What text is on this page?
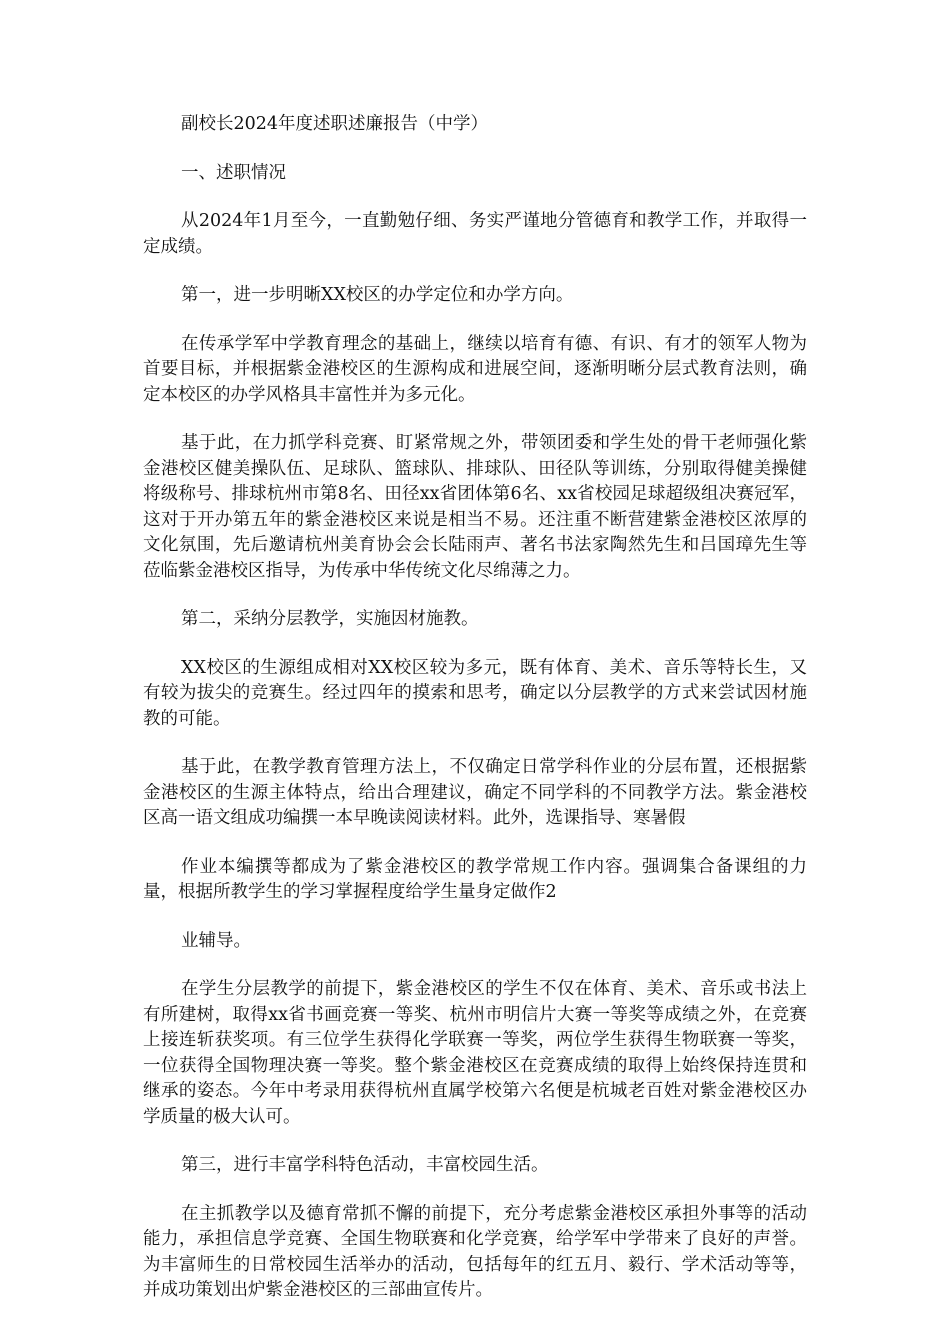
副校长2024年度述职述廉报告（中学）

一、述职情况

从2024年1月至今，一直勤勉仔细、务实严谨地分管德育和教学工作，并取得一定成绩。

第一，进一步明晰XX校区的办学定位和办学方向。

在传承学军中学教育理念的基础上，继续以培育有德、有识、有才的领军人物为首要目标，并根据紫金港校区的生源构成和进展空间，逐渐明晰分层式教育法则，确定本校区的办学风格具丰富性并为多元化。

基于此，在力抓学科竞赛、盯紧常规之外，带领团委和学生处的骨干老师强化紫金港校区健美操队伍、足球队、篮球队、排球队、田径队等训练，分别取得健美操健将级称号、排球杭州市第8名、田径xx省团体第6名、xx省校园足球超级组决赛冠军，这对于开办第五年的紫金港校区来说是相当不易。还注重不断营建紫金港校区浓厚的文化氛围，先后邀请杭州美育协会会长陆雨声、著名书法家陶然先生和吕国璋先生等莅临紫金港校区指导，为传承中华传统文化尽绵薄之力。

第二，采纳分层教学，实施因材施教。

XX校区的生源组成相对XX校区较为多元，既有体育、美术、音乐等特长生，又有较为拔尖的竞赛生。经过四年的摸索和思考，确定以分层教学的方式来尝试因材施教的可能。

基于此，在教学教育管理方法上，不仅确定日常学科作业的分层布置，还根据紫金港校区的生源主体特点，给出合理建议，确定不同学科的不同教学方法。紫金港校区高一语文组成功编撰一本早晚读阅读材料。此外，选课指导、寒暑假

作业本编撰等都成为了紫金港校区的教学常规工作内容。强调集合备课组的力量，根据所教学生的学习掌握程度给学生量身定做作2

业辅导。

在学生分层教学的前提下，紫金港校区的学生不仅在体育、美术、音乐或书法上有所建树，取得xx省书画竞赛一等奖、杭州市明信片大赛一等奖等成绩之外，在竞赛上接连斩获奖项。有三位学生获得化学联赛一等奖，两位学生获得生物联赛一等奖，一位获得全国物理决赛一等奖。整个紫金港校区在竞赛成绩的取得上始终保持连贯和继承的姿态。今年中考录用获得杭州直属学校第六名便是杭城老百姓对紫金港校区办学质量的极大认可。

第三，进行丰富学科特色活动，丰富校园生活。

在主抓教学以及德育常抓不懈的前提下，充分考虑紫金港校区承担外事等的活动能力，承担信息学竞赛、全国生物联赛和化学竞赛，给学军中学带来了良好的声誉。为丰富师生的日常校园生活举办的活动，包括每年的红五月、毅行、学术活动等等，并成功策划出炉紫金港校区的三部曲宣传片。
